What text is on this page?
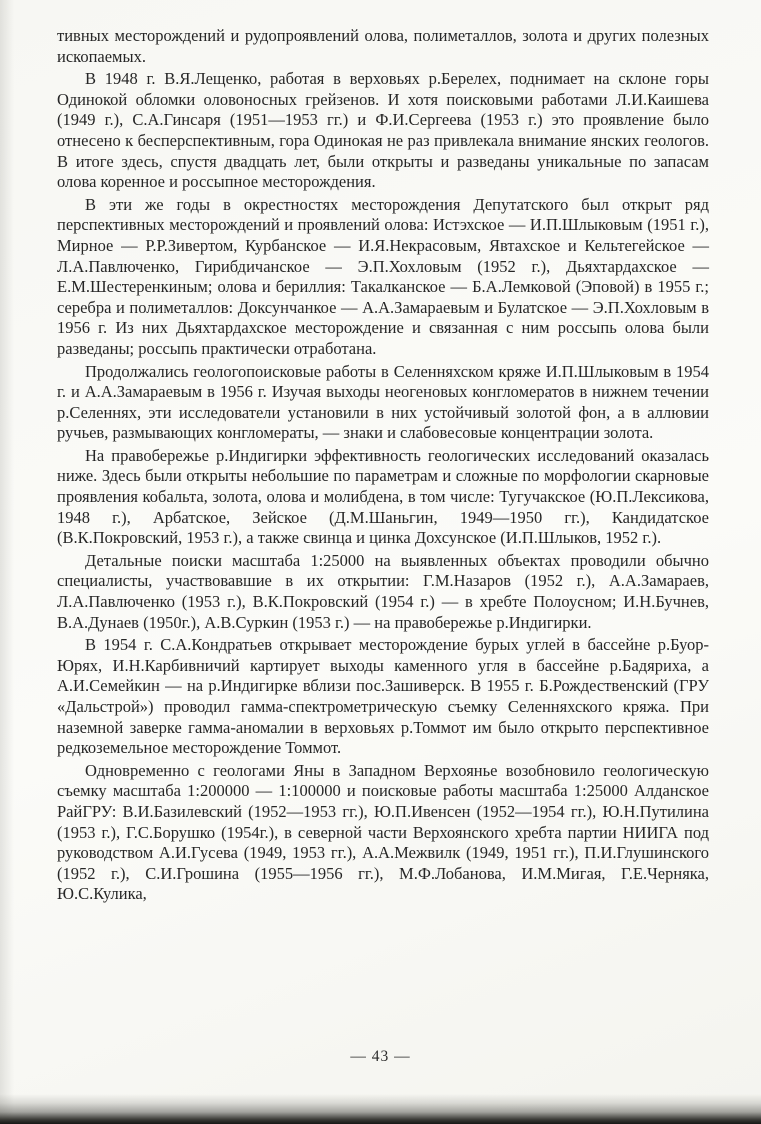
тивных месторождений и рудопроявлений олова, полиметаллов, золота и других полезных ископаемых.

В 1948 г. В.Я.Лещенко, работая в верховьях р.Берелех, поднимает на склоне горы Одинокой обломки оловоносных грейзенов. И хотя поисковыми работами Л.И.Каишева (1949 г.), С.А.Гинсаря (1951—1953 гг.) и Ф.И.Сергеева (1953 г.) это проявление было отнесено к бесперспективным, гора Одинокая не раз привлекала внимание янских геологов. В итоге здесь, спустя двадцать лет, были открыты и разведаны уникальные по запасам олова коренное и россыпное месторождения.

В эти же годы в окрестностях месторождения Депутатского был открыт ряд перспективных месторождений и проявлений олова: Истэхское — И.П.Шлыковым (1951 г.), Мирное — Р.Р.Зивертом, Курбанское — И.Я.Некрасовым, Явтахское и Кельтегейское — Л.А.Павлюченко, Гирибдичанское — Э.П.Хохловым (1952 г.), Дьяхтардахское — Е.М.Шестеренкиным; олова и бериллия: Такалканское — Б.А.Лемковой (Эповой) в 1955 г.; серебра и полиметаллов: Доксунчанкое — А.А.Замараевым и Булатское — Э.П.Хохловым в 1956 г. Из них Дьяхтардахское месторождение и связанная с ним россыпь олова были разведаны; россыпь практически отработана.

Продолжались геологопоисковые работы в Селенняхском кряже И.П.Шлыковым в 1954 г. и А.А.Замараевым в 1956 г. Изучая выходы неогеновых конгломератов в нижнем течении р.Селеннях, эти исследователи установили в них устойчивый золотой фон, а в аллювии ручьев, размывающих конгломераты, — знаки и слабовесовые концентрации золота.

На правобережье р.Индигирки эффективность геологических исследований оказалась ниже. Здесь были открыты небольшие по параметрам и сложные по морфологии скарновые проявления кобальта, золота, олова и молибдена, в том числе: Тугучакское (Ю.П.Лексикова, 1948 г.), Арбатское, Зейское (Д.М.Шаньгин, 1949—1950 гг.), Кандидатское (В.К.Покровский, 1953 г.), а также свинца и цинка Дохсунское (И.П.Шлыков, 1952 г.).

Детальные поиски масштаба 1:25000 на выявленных объектах проводили обычно специалисты, участвовавшие в их открытии: Г.М.Назаров (1952 г.), А.А.Замараев, Л.А.Павлюченко (1953 г.), В.К.Покровский (1954 г.) — в хребте Полоусном; И.Н.Бучнев, В.А.Дунаев (1950г.), А.В.Суркин (1953 г.) — на правобережье р.Индигирки.

В 1954 г. С.А.Кондратьев открывает месторождение бурых углей в бассейне р.Буор-Юрях, И.Н.Карбивничий картирует выходы каменного угля в бассейне р.Бадяриха, а А.И.Семейкин — на р.Индигирке вблизи пос.Зашиверск. В 1955 г. Б.Рождественский (ГРУ «Дальстрой») проводил гамма-спектрометрическую съемку Селенняхского кряжа. При наземной заверке гамма-аномалии в верховьях р.Томмот им было открыто перспективное редкоземельное месторождение Томмот.

Одновременно с геологами Яны в Западном Верхоянье возобновило геологическую съемку масштаба 1:200000 — 1:100000 и поисковые работы масштаба 1:25000 Алданское РайГРУ: В.И.Базилевский (1952—1953 гг.), Ю.П.Ивенсен (1952—1954 гг.), Ю.Н.Путилина (1953 г.), Г.С.Борушко (1954г.), в северной части Верхоянского хребта партии НИИГА под руководством А.И.Гусева (1949, 1953 гг.), А.А.Межвилк (1949, 1951 гг.), П.И.Глушинского (1952 г.), С.И.Грошина (1955—1956 гг.), М.Ф.Лобанова, И.М.Мигая, Г.Е.Черняка, Ю.С.Кулика,

— 43 —
